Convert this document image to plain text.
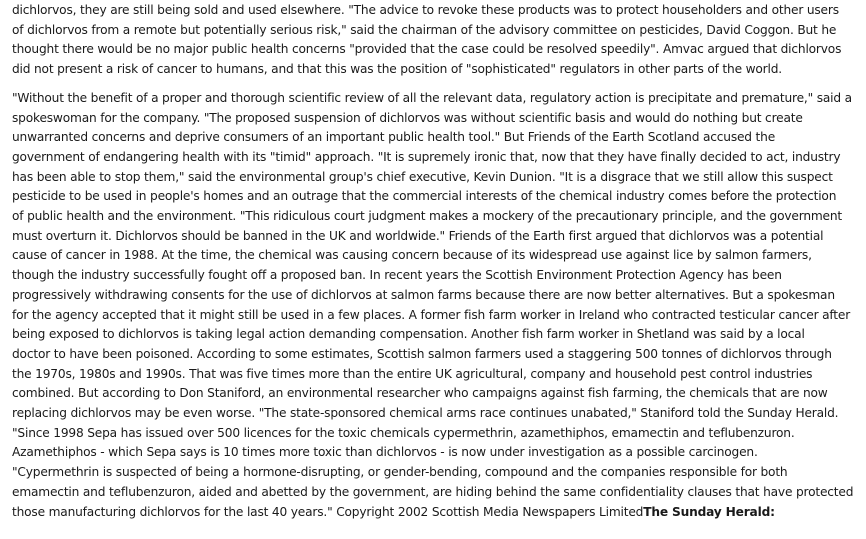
dichlorvos, they are still being sold and used elsewhere. "The advice to revoke these products was to protect householders and other users
of dichlorvos from a remote but potentially serious risk," said the chairman of the advisory committee on pesticides, David Coggon. But he
thought there would be no major public health concerns "provided that the case could be resolved speedily". Amvac argued that dichlorvos
did not present a risk of cancer to humans, and that this was the position of "sophisticated" regulators in other parts of the world.

"Without the benefit of a proper and thorough scientific review of all the relevant data, regulatory action is precipitate and premature," said a
spokeswoman for the company. "The proposed suspension of dichlorvos was without scientific basis and would do nothing but create
unwarranted concerns and deprive consumers of an important public health tool." But Friends of the Earth Scotland accused the
government of endangering health with its "timid" approach. "It is supremely ironic that, now that they have finally decided to act, industry
has been able to stop them," said the environmental group's chief executive, Kevin Dunion. "It is a disgrace that we still allow this suspect
pesticide to be used in people's homes and an outrage that the commercial interests of the chemical industry comes before the protection
of public health and the environment. "This ridiculous court judgment makes a mockery of the precautionary principle, and the government
must overturn it. Dichlorvos should be banned in the UK and worldwide." Friends of the Earth first argued that dichlorvos was a potential
cause of cancer in 1988. At the time, the chemical was causing concern because of its widespread use against lice by salmon farmers,
though the industry successfully fought off a proposed ban. In recent years the Scottish Environment Protection Agency has been
progressively withdrawing consents for the use of dichlorvos at salmon farms because there are now better alternatives. But a spokesman
for the agency accepted that it might still be used in a few places. A former fish farm worker in Ireland who contracted testicular cancer after
being exposed to dichlorvos is taking legal action demanding compensation. Another fish farm worker in Shetland was said by a local
doctor to have been poisoned. According to some estimates, Scottish salmon farmers used a staggering 500 tonnes of dichlorvos through
the 1970s, 1980s and 1990s. That was five times more than the entire UK agricultural, company and household pest control industries
combined. But according to Don Staniford, an environmental researcher who campaigns against fish farming, the chemicals that are now
replacing dichlorvos may be even worse. "The state-sponsored chemical arms race continues unabated," Staniford told the Sunday Herald.
"Since 1998 Sepa has issued over 500 licences for the toxic chemicals cypermethrin, azamethiphos, emamectin and teflubenzuron.
Azamethiphos - which Sepa says is 10 times more toxic than dichlorvos - is now under investigation as a possible carcinogen.
"Cypermethrin is suspected of being a hormone-disrupting, or gender-bending, compound and the companies responsible for both
emamectin and teflubenzuron, aided and abetted by the government, are hiding behind the same confidentiality clauses that have protected
those manufacturing dichlorvos for the last 40 years." Copyright 2002 Scottish Media Newspapers LimitedThe Sunday Herald:
